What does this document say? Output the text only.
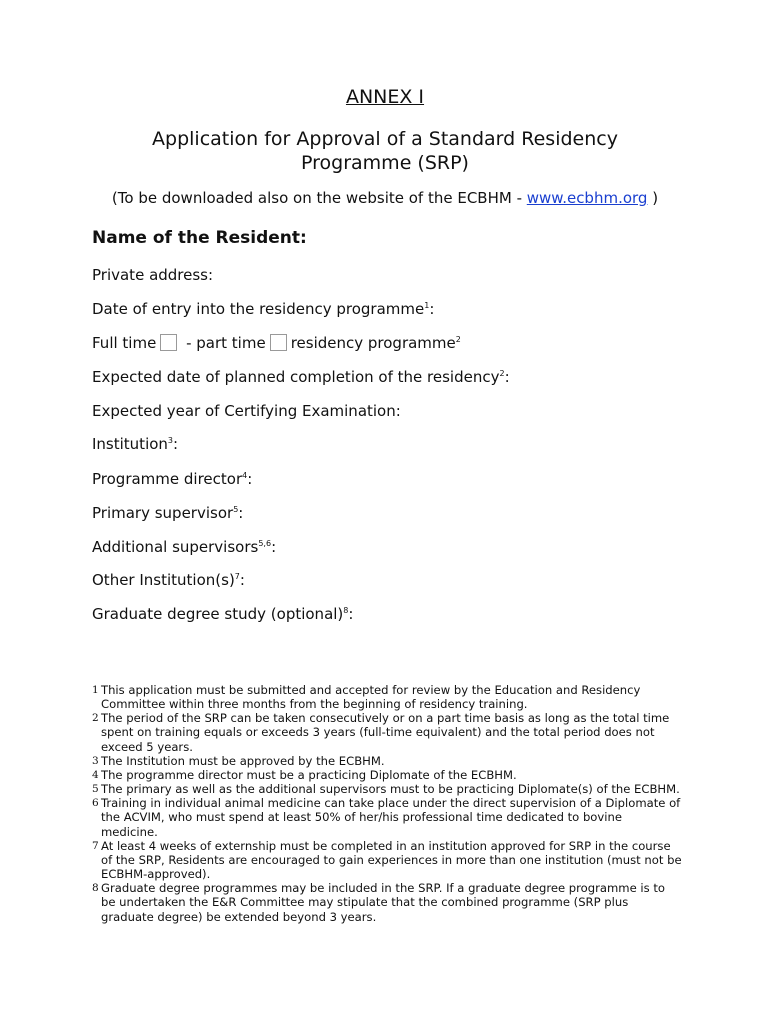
ANNEX I
Application for Approval of a Standard Residency
Programme (SRP)
(To be downloaded also on the website of the ECBHM - www.ecbhm.org )
Name of the Resident:
Private address:
Date of entry into the residency programme$^1$:
Full time - part time residency programme$^2$
Expected date of planned completion of the residency$^2$:
Expected year of Certifying Examination:
Institution$^3$:
Programme director$^4$:
Primary supervisor$^5$:
Additional supervisors$^{5,6}$:
Other $Institution(s)^7$:
Graduate degree study (optional)$^8$:
1 This application must be submitted and accepted for review by the Education and Residency Committee within three months from the beginning of residency training.
2 The period of the SRP can be taken consecutively or on a part time basis as long as the total time spent on training equals or exceeds 3 years (full-time equivalent) and the total period does not exceed 5 years.
3 The Institution must be approved by the ECBHM.
4 The programme director must be a practicing Diplomate of the ECBHM.
5 The primary as well as the additional supervisors must to be practicing Diplomate(s) of the ECBHM.
6 Training in individual animal medicine can take place under the direct supervision of a Diplomate of the ACVIM, who must spend at least 50% of her/his professional time dedicated to bovine medicine.
7 At least 4 weeks of externship must be completed in an institution approved for SRP in the course of the SRP, Residents are encouraged to gain experiences in more than one institution (must not be ECBHM-approved).
8 Graduate degree programmes may be included in the SRP. If a graduate degree programme is to be undertaken the E&R Committee may stipulate that the combined programme (SRP plus graduate degree) be extended beyond 3 years.
